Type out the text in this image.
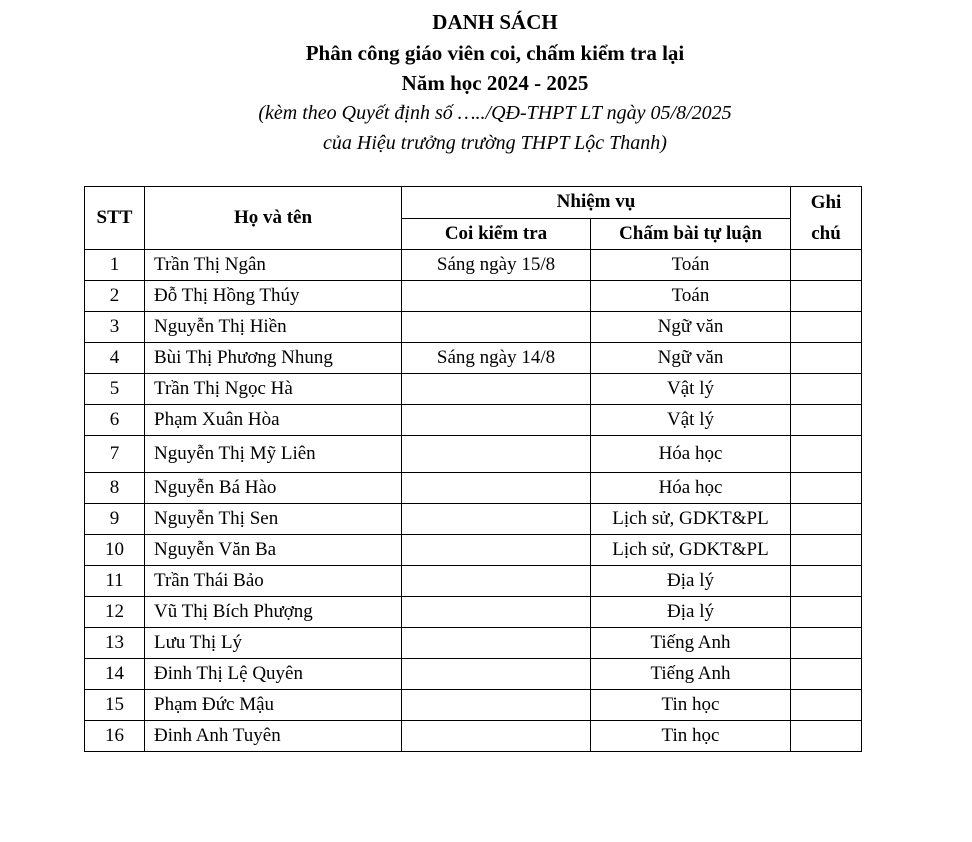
DANH SÁCH
Phân công giáo viên coi, chấm kiểm tra lại
Năm học 2024 - 2025
(kèm theo Quyết định số …../QĐ-THPT LT ngày 05/8/2025
của Hiệu trưởng trường THPT Lộc Thanh)
STT	Họ và tên	Nhiệm vụ		Ghi chú
		Coi kiểm tra	Chấm bài tự luận	
1	Trần Thị Ngân	Sáng ngày 15/8	Toán	
2	Đỗ Thị Hồng Thúy		Toán	
3	Nguyễn Thị Hiền		Ngữ văn	
4	Bùi Thị Phương Nhung	Sáng ngày 14/8	Ngữ văn	
5	Trần Thị Ngọc Hà		Vật lý	
6	Phạm Xuân Hòa		Vật lý	
7	Nguyễn Thị Mỹ Liên		Hóa học	
8	Nguyễn Bá Hào		Hóa học	
9	Nguyễn Thị Sen		Lịch sử, GDKT&PL	
10	Nguyễn Văn Ba		Lịch sử, GDKT&PL	
11	Trần Thái Bảo		Địa lý	
12	Vũ Thị Bích Phượng		Địa lý	
13	Lưu Thị Lý		Tiếng Anh	
14	Đinh Thị Lệ Quyên		Tiếng Anh	
15	Phạm Đức Mậu		Tin học	
16	Đinh Anh Tuyên		Tin học	
